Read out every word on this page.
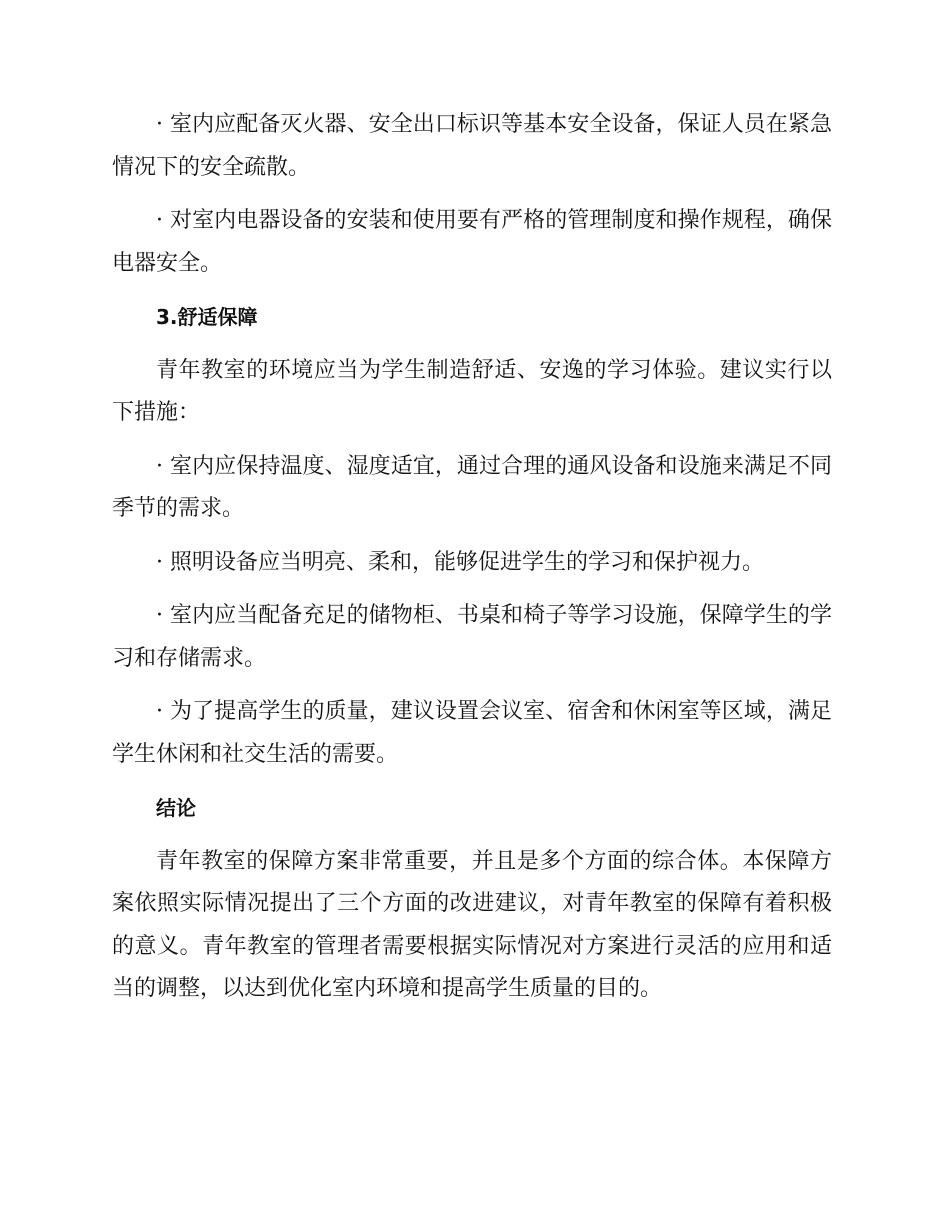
· 室内应配备灭火器、安全出口标识等基本安全设备，保证人员在紧急情况下的安全疏散。

· 对室内电器设备的安装和使用要有严格的管理制度和操作规程，确保电器安全。

3.舒适保障

青年教室的环境应当为学生制造舒适、安逸的学习体验。建议实行以下措施：

· 室内应保持温度、湿度适宜，通过合理的通风设备和设施来满足不同季节的需求。

· 照明设备应当明亮、柔和，能够促进学生的学习和保护视力。

· 室内应当配备充足的储物柜、书桌和椅子等学习设施，保障学生的学习和存储需求。

· 为了提高学生的质量，建议设置会议室、宿舍和休闲室等区域，满足学生休闲和社交生活的需要。

结论

青年教室的保障方案非常重要，并且是多个方面的综合体。本保障方案依照实际情况提出了三个方面的改进建议，对青年教室的保障有着积极的意义。青年教室的管理者需要根据实际情况对方案进行灵活的应用和适当的调整，以达到优化室内环境和提高学生质量的目的。
